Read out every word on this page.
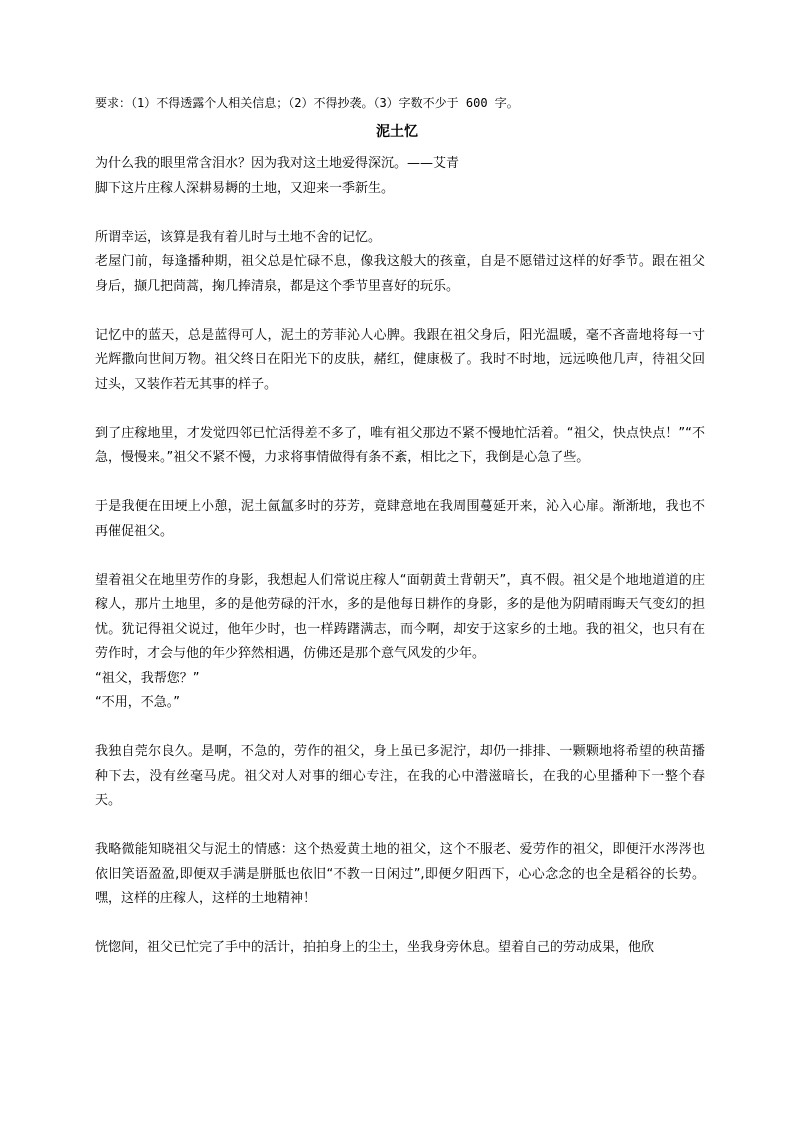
要求：（1）不得透露个人相关信息；（2）不得抄袭。（3）字数不少于 600 字。
泥土忆

为什么我的眼里常含泪水？因为我对这土地爱得深沉。——艾青

脚下这片庄稼人深耕易耨的土地，又迎来一季新生。

所谓幸运，该算是我有着儿时与土地不舍的记忆。

老屋门前，每逢播种期，祖父总是忙碌不息，像我这般大的孩童，自是不愿错过这样的好季节。跟在祖父身后，撷几把茼蒿，掬几捧清泉，都是这个季节里喜好的玩乐。

记忆中的蓝天，总是蓝得可人，泥土的芳菲沁人心脾。我跟在祖父身后，阳光温暖，毫不吝啬地将每一寸光辉撒向世间万物。祖父终日在阳光下的皮肤，赭红，健康极了。我时不时地，远远唤他几声，待祖父回过头，又装作若无其事的样子。

到了庄稼地里，才发觉四邻已忙活得差不多了，唯有祖父那边不紧不慢地忙活着。“祖父，快点快点！”“不急，慢慢来。”祖父不紧不慢，力求将事情做得有条不紊，相比之下，我倒是心急了些。

于是我便在田埂上小憩，泥土氤氲多时的芬芳，竟肆意地在我周围蔓延开来，沁入心扉。渐渐地，我也不再催促祖父。

望着祖父在地里劳作的身影，我想起人们常说庄稼人“面朝黄土背朝天”，真不假。祖父是个地地道道的庄稼人，那片土地里，多的是他劳碌的汗水，多的是他每日耕作的身影，多的是他为阴晴雨晦天气变幻的担忧。犹记得祖父说过，他年少时，也一样踌躇满志，而今啊，却安于这家乡的土地。我的祖父，也只有在劳作时，才会与他的年少猝然相遇，仿佛还是那个意气风发的少年。

“祖父，我帮您？”

“不用，不急。”

我独自莞尔良久。是啊，不急的，劳作的祖父，身上虽已多泥泞，却仍一排排、一颗颗地将希望的秧苗播种下去，没有丝毫马虎。祖父对人对事的细心专注，在我的心中潜滋暗长，在我的心里播种下一整个春天。

我略微能知晓祖父与泥土的情感：这个热爱黄土地的祖父，这个不服老、爱劳作的祖父，即便汗水涔涔也依旧笑语盈盈,即便双手满是胼胝也依旧“不教一日闲过”,即便夕阳西下，心心念念的也全是稻谷的长势。嘿，这样的庄稼人，这样的土地精神！

恍惚间，祖父已忙完了手中的活计，拍拍身上的尘土，坐我身旁休息。望着自己的劳动成果，他欣
